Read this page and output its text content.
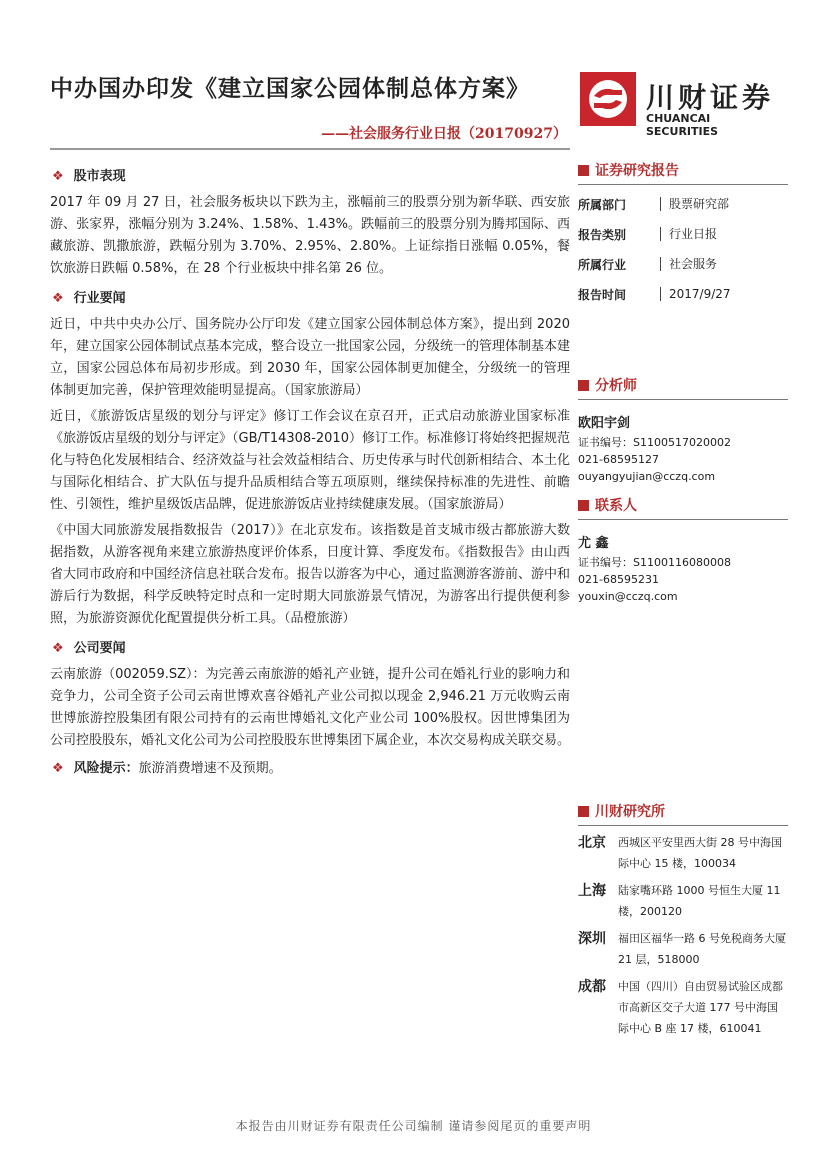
中办国办印发《建立国家公园体制总体方案》
——社会服务行业日报（20170927）
川财证券
CHUANCAI SECURITIES
❖ 股市表现
2017 年 09 月 27 日，社会服务板块以下跌为主，涨幅前三的股票分别为新华联、西安旅游、张家界，涨幅分别为 3.24%、1.58%、1.43%。跌幅前三的股票分别为腾邦国际、西藏旅游、凯撒旅游，跌幅分别为 3.70%、2.95%、2.80%。上证综指日涨幅 0.05%，餐饮旅游日跌幅 0.58%，在 28 个行业板块中排名第 26 位。
❖ 行业要闻
近日，中共中央办公厅、国务院办公厅印发《建立国家公园体制总体方案》，提出到 2020 年，建立国家公园体制试点基本完成，整合设立一批国家公园，分级统一的管理体制基本建立，国家公园总体布局初步形成。到 2030 年，国家公园体制更加健全，分级统一的管理体制更加完善，保护管理效能明显提高。（国家旅游局）
近日，《旅游饭店星级的划分与评定》修订工作会议在京召开，正式启动旅游业国家标准《旅游饭店星级的划分与评定》（GB/T14308-2010）修订工作。标准修订将始终把握规范化与特色化发展相结合、经济效益与社会效益相结合、历史传承与时代创新相结合、本土化与国际化相结合、扩大队伍与提升品质相结合等五项原则，继续保持标准的先进性、前瞻性、引领性，维护星级饭店品牌，促进旅游饭店业持续健康发展。（国家旅游局）
《中国大同旅游发展指数报告（2017）》在北京发布。该指数是首支城市级古都旅游大数据指数，从游客视角来建立旅游热度评价体系，日度计算、季度发布。《指数报告》由山西省大同市政府和中国经济信息社联合发布。报告以游客为中心，通过监测游客游前、游中和游后行为数据，科学反映特定时点和一定时期大同旅游景气情况，为游客出行提供便利参照，为旅游资源优化配置提供分析工具。（品橙旅游）
❖ 公司要闻
云南旅游（002059.SZ）：为完善云南旅游的婚礼产业链，提升公司在婚礼行业的影响力和竞争力，公司全资子公司云南世博欢喜谷婚礼产业公司拟以现金 2,946.21 万元收购云南世博旅游控股集团有限公司持有的云南世博婚礼文化产业公司 100%股权。因世博集团为公司控股股东，婚礼文化公司为公司控股股东世博集团下属企业，本次交易构成关联交易。
❖ 风险提示：旅游消费增速不及预期。
证券研究报告
所属部门	股票研究部
报告类别	行业日报
所属行业	社会服务
报告时间	2017/9/27
分析师
欧阳宇剑
证书编号：S1100517020002
021-68595127
ouyangyujian@cczq.com
联系人
尤 鑫
证书编号：S1100116080008
021-68595231
youxin@cczq.com
川财研究所
北京	西城区平安里西大街 28 号中海国际中心 15 楼，100034
上海	陆家嘴环路 1000 号恒生大厦 11 楼，200120
深圳	福田区福华一路 6 号免税商务大厦 21 层，518000
成都	中国（四川）自由贸易试验区成都市高新区交子大道 177 号中海国际中心 B 座 17 楼，610041
本报告由川财证券有限责任公司编制 谨请参阅尾页的重要声明
